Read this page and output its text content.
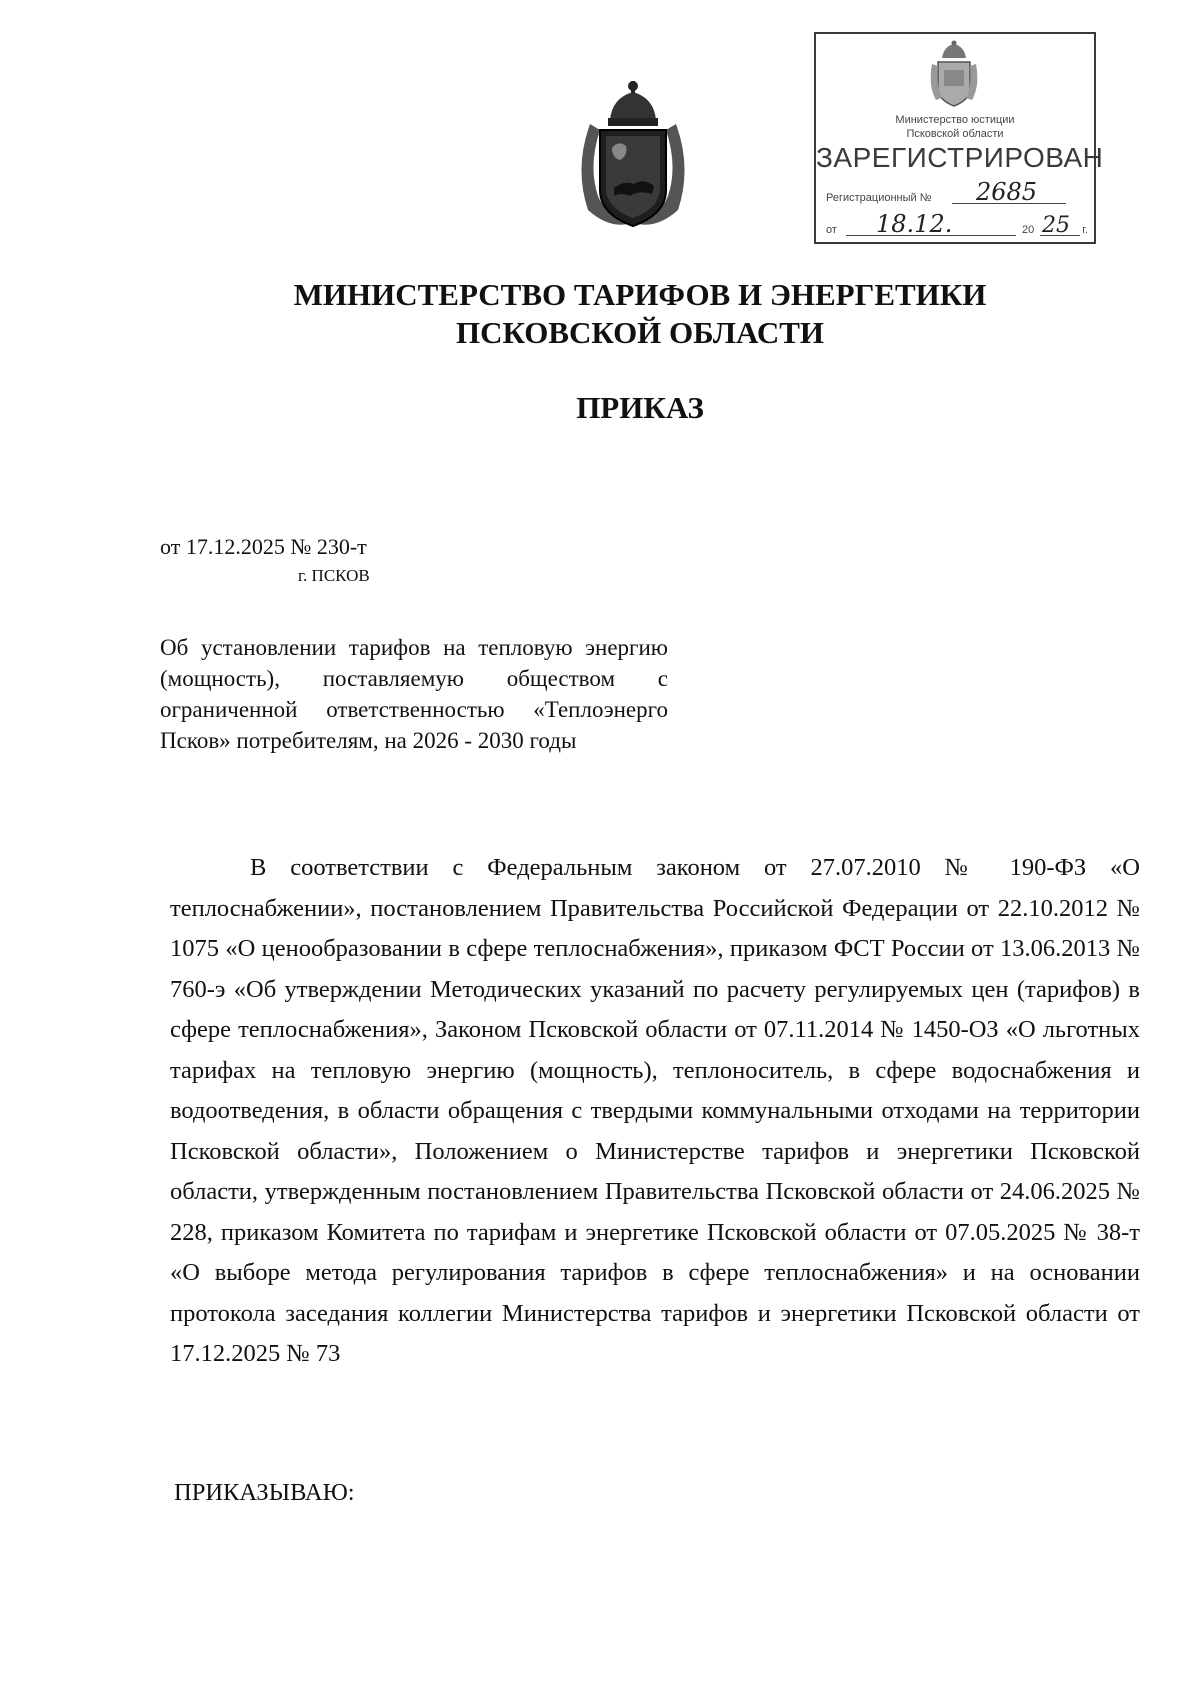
Министерство юстиции
Псковской области
ЗАРЕГИСТРИРОВАН
Регистрационный № 2685
от 18.12.	20 25 г.
МИНИСТЕРСТВО ТАРИФОВ И ЭНЕРГЕТИКИ
ПСКОВСКОЙ ОБЛАСТИ
ПРИКАЗ
от 17.12.2025 № 230-т
г. ПСКОВ
Об установлении тарифов на тепловую энергию (мощность), поставляемую обществом с ограниченной ответственностью «Теплоэнерго Псков» потребителям, на 2026 - 2030 годы
В соответствии с Федеральным законом от 27.07.2010 № 190-ФЗ «О теплоснабжении», постановлением Правительства Российской Федерации от 22.10.2012 № 1075 «О ценообразовании в сфере теплоснабжения», приказом ФСТ России от 13.06.2013 № 760-э «Об утверждении Методических указаний по расчету регулируемых цен (тарифов) в сфере теплоснабжения», Законом Псковской области от 07.11.2014 № 1450-ОЗ «О льготных тарифах на тепловую энергию (мощность), теплоноситель, в сфере водоснабжения и водоотведения, в области обращения с твердыми коммунальными отходами на территории Псковской области», Положением о Министерстве тарифов и энергетики Псковской области, утвержденным постановлением Правительства Псковской области от 24.06.2025 № 228, приказом Комитета по тарифам и энергетике Псковской области от 07.05.2025 № 38-т «О выборе метода регулирования тарифов в сфере теплоснабжения» и на основании протокола заседания коллегии Министерства тарифов и энергетики Псковской области от 17.12.2025 № 73
ПРИКАЗЫВАЮ:
